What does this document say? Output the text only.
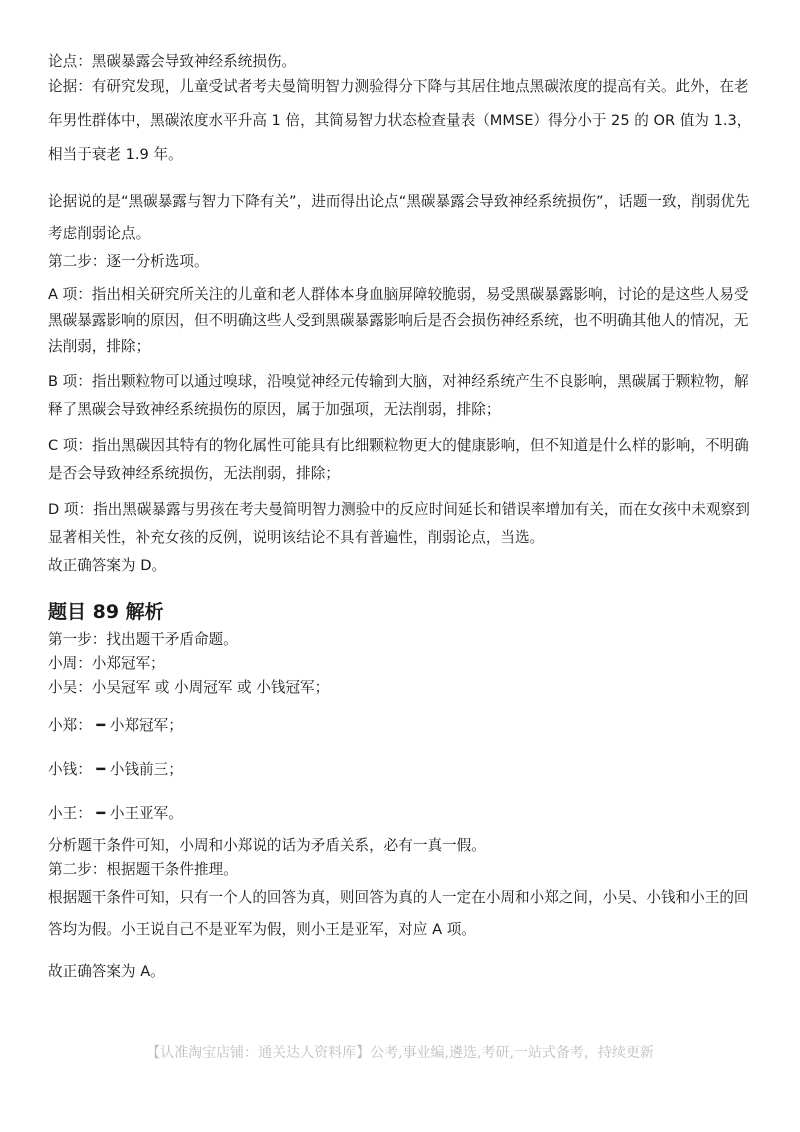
论点：黑碳暴露会导致神经系统损伤。

论据：有研究发现，儿童受试者考夫曼简明智力测验得分下降与其居住地点黑碳浓度的提高有关。此外，在老年男性群体中，黑碳浓度水平升高 1 倍，其简易智力状态检查量表（MMSE）得分小于 25 的 OR 值为 1.3，相当于衰老 1.9 年。

论据说的是“黑碳暴露与智力下降有关”，进而得出论点“黑碳暴露会导致神经系统损伤”，话题一致，削弱优先考虑削弱论点。

第二步：逐一分析选项。

A 项：指出相关研究所关注的儿童和老人群体本身血脑屏障较脆弱，易受黑碳暴露影响，讨论的是这些人易受黑碳暴露影响的原因，但不明确这些人受到黑碳暴露影响后是否会损伤神经系统，也不明确其他人的情况，无法削弱，排除；

B 项：指出颗粒物可以通过嗅球，沿嗅觉神经元传输到大脑，对神经系统产生不良影响，黑碳属于颗粒物，解释了黑碳会导致神经系统损伤的原因，属于加强项，无法削弱，排除；

C 项：指出黑碳因其特有的物化属性可能具有比细颗粒物更大的健康影响，但不知道是什么样的影响，不明确是否会导致神经系统损伤，无法削弱，排除；

D 项：指出黑碳暴露与男孩在考夫曼简明智力测验中的反应时间延长和错误率增加有关，而在女孩中未观察到显著相关性，补充女孩的反例，说明该结论不具有普遍性，削弱论点，当选。

故正确答案为 D。

题目 89 解析

第一步：找出题干矛盾命题。

小周：小郑冠军；

小吴：小吴冠军 或 小周冠军 或 小钱冠军；

小郑： ━ 小郑冠军；

小钱： ━ 小钱前三；

小王： ━ 小王亚军。

分析题干条件可知，小周和小郑说的话为矛盾关系，必有一真一假。

第二步：根据题干条件推理。

根据题干条件可知，只有一个人的回答为真，则回答为真的人一定在小周和小郑之间，小吴、小钱和小王的回答均为假。小王说自己不是亚军为假，则小王是亚军，对应 A 项。

故正确答案为 A。

【认准淘宝店铺：通关达人资料库】公考,事业编,遴选,考研,一站式备考，持续更新
